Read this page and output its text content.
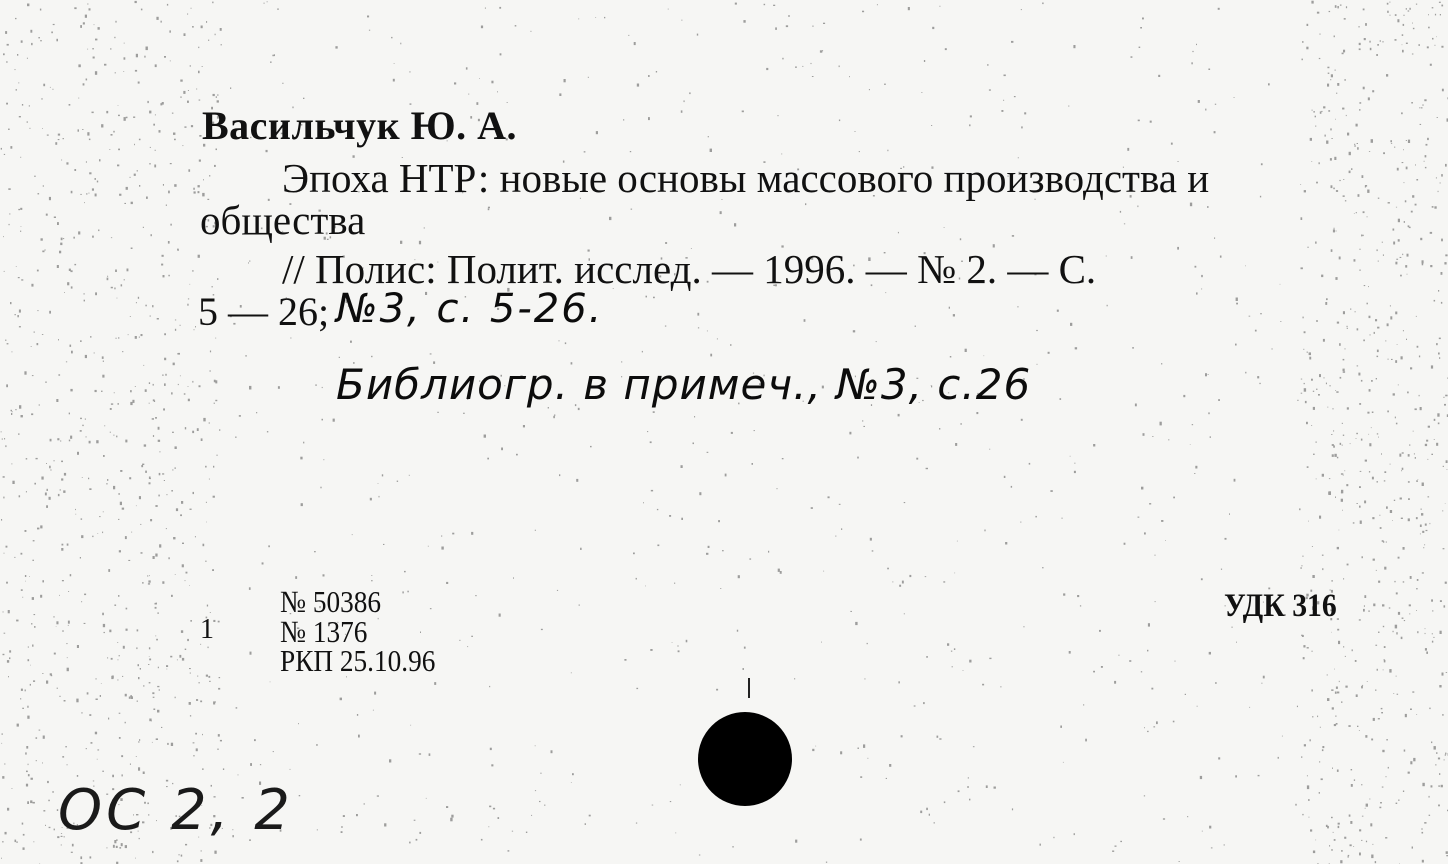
Васильчук Ю. А.
Эпоха НТР: новые основы массового производства и
общества
// Полис: Полит. исслед. — 1996. — № 2. — С.
5 — 26; №3, с. 5-26.
Библиогр. в примеч., №3, с.26
1
№ 50386
№ 1376
РКП 25.10.96
УДК 316
ОС 2, 2
